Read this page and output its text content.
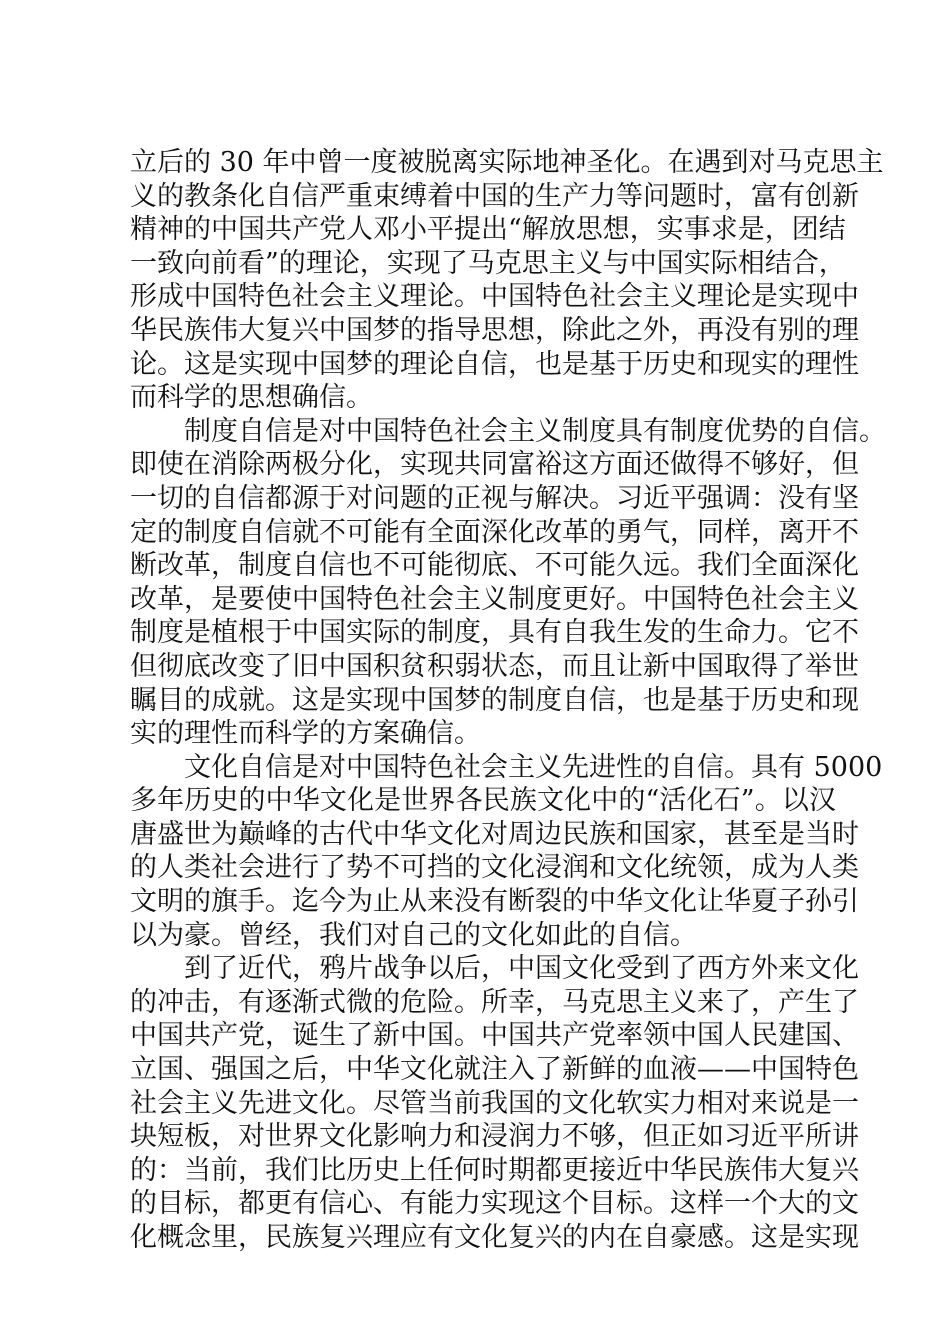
立后的 30 年中曾一度被脱离实际地神圣化。在遇到对马克思主
义的教条化自信严重束缚着中国的生产力等问题时，富有创新
精神的中国共产党人邓小平提出“解放思想，实事求是，团结
一致向前看”的理论，实现了马克思主义与中国实际相结合，
形成中国特色社会主义理论。中国特色社会主义理论是实现中
华民族伟大复兴中国梦的指导思想，除此之外，再没有别的理
论。这是实现中国梦的理论自信，也是基于历史和现实的理性
而科学的思想确信。
制度自信是对中国特色社会主义制度具有制度优势的自信。
即使在消除两极分化，实现共同富裕这方面还做得不够好，但
一切的自信都源于对问题的正视与解决。习近平强调：没有坚
定的制度自信就不可能有全面深化改革的勇气，同样，离开不
断改革，制度自信也不可能彻底、不可能久远。我们全面深化
改革，是要使中国特色社会主义制度更好。中国特色社会主义
制度是植根于中国实际的制度，具有自我生发的生命力。它不
但彻底改变了旧中国积贫积弱状态，而且让新中国取得了举世
瞩目的成就。这是实现中国梦的制度自信，也是基于历史和现
实的理性而科学的方案确信。
文化自信是对中国特色社会主义先进性的自信。具有 5000
多年历史的中华文化是世界各民族文化中的“活化石”。以汉
唐盛世为巅峰的古代中华文化对周边民族和国家，甚至是当时
的人类社会进行了势不可挡的文化浸润和文化统领，成为人类
文明的旗手。迄今为止从来没有断裂的中华文化让华夏子孙引
以为豪。曾经，我们对自己的文化如此的自信。
到了近代，鸦片战争以后，中国文化受到了西方外来文化
的冲击，有逐渐式微的危险。所幸，马克思主义来了，产生了
中国共产党，诞生了新中国。中国共产党率领中国人民建国、
立国、强国之后，中华文化就注入了新鲜的血液——中国特色
社会主义先进文化。尽管当前我国的文化软实力相对来说是一
块短板，对世界文化影响力和浸润力不够，但正如习近平所讲
的：当前，我们比历史上任何时期都更接近中华民族伟大复兴
的目标，都更有信心、有能力实现这个目标。这样一个大的文
化概念里，民族复兴理应有文化复兴的内在自豪感。这是实现
